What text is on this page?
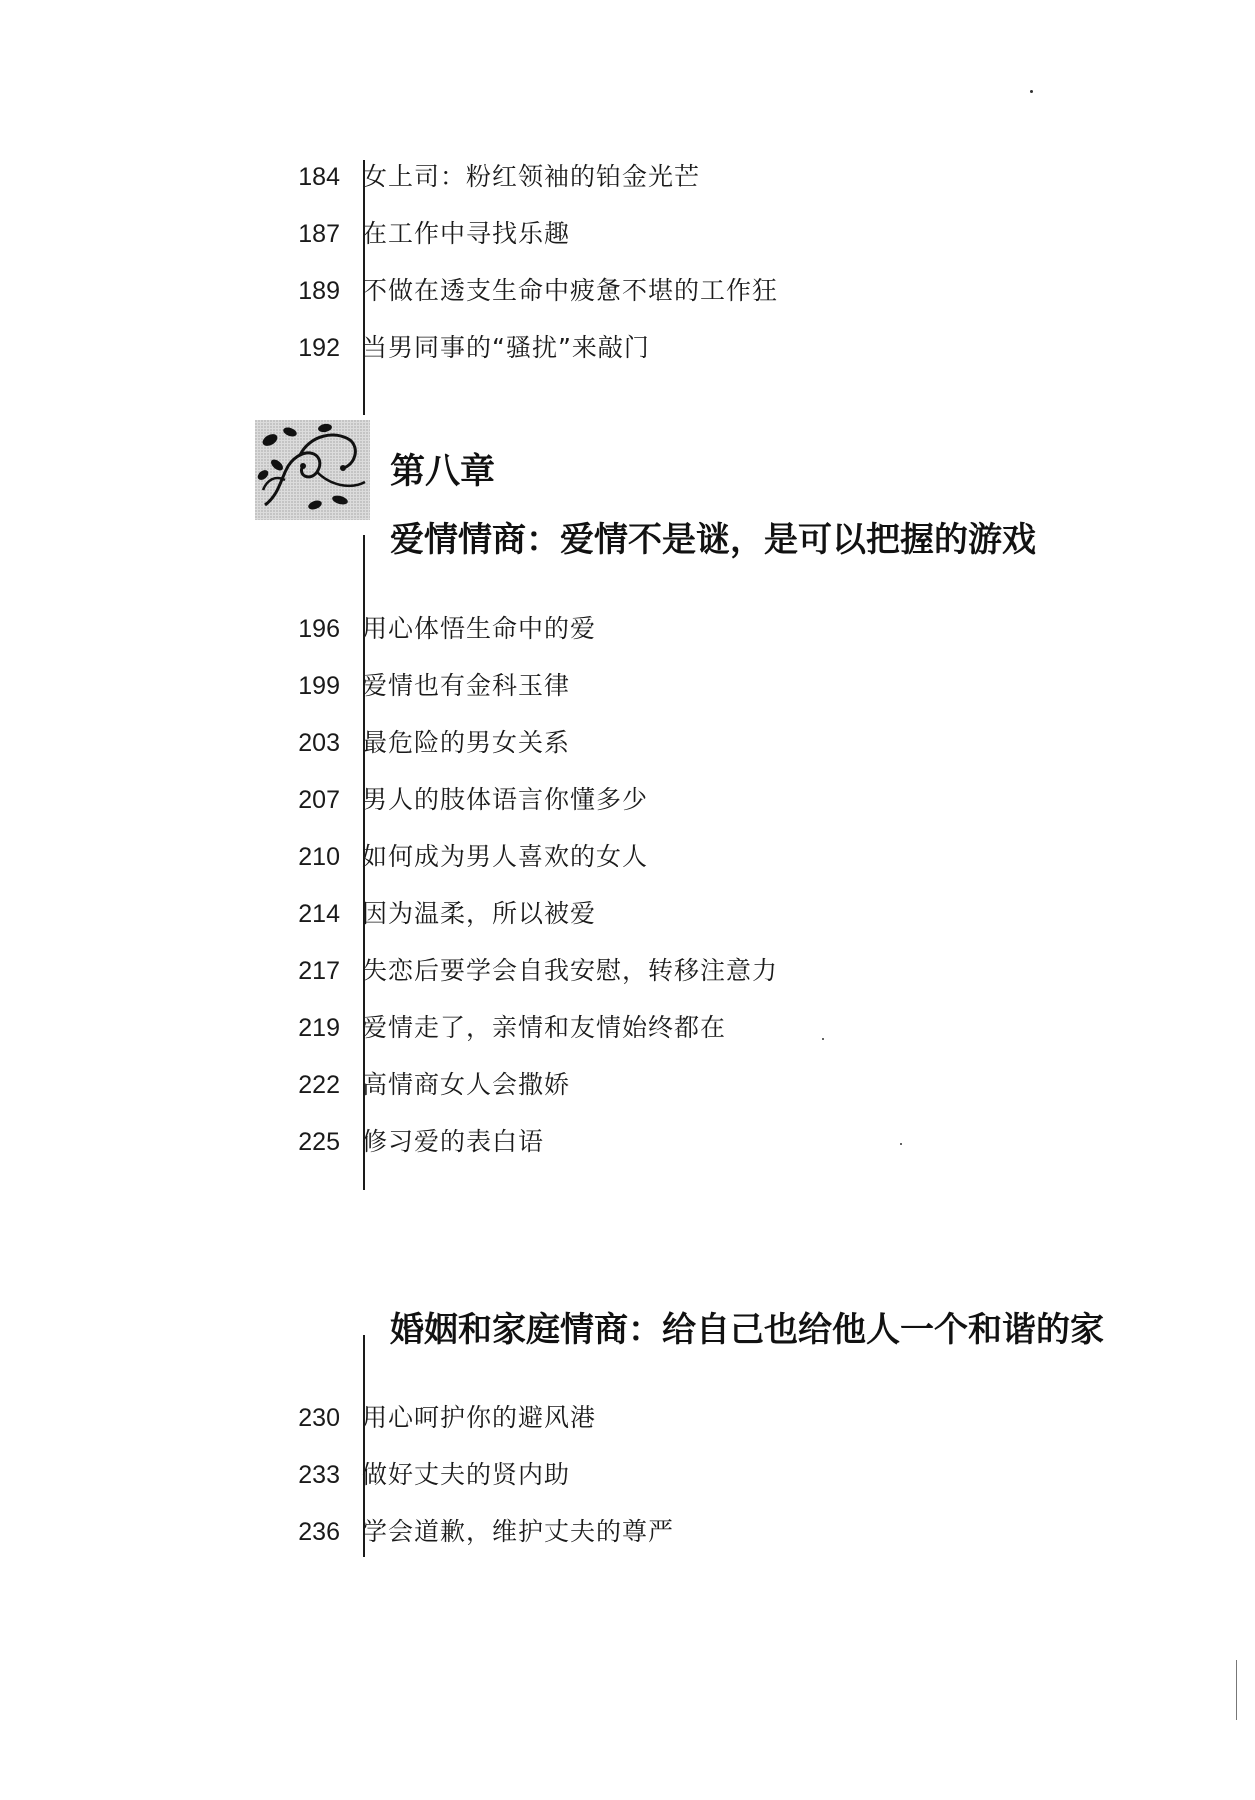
184 女上司：粉红领袖的铂金光芒
187 在工作中寻找乐趣
189 不做在透支生命中疲惫不堪的工作狂
192 当男同事的“骚扰”来敲门
第八章
爱情情商：爱情不是谜，是可以把握的游戏
196 用心体悟生命中的爱
199 爱情也有金科玉律
203 最危险的男女关系
207 男人的肢体语言你懂多少
210 如何成为男人喜欢的女人
214 因为温柔，所以被爱
217 失恋后要学会自我安慰，转移注意力
219 爱情走了，亲情和友情始终都在
222 高情商女人会撒娇
225 修习爱的表白语
婚姻和家庭情商：给自己也给他人一个和谐的家
230 用心呵护你的避风港
233 做好丈夫的贤内助
236 学会道歉，维护丈夫的尊严
